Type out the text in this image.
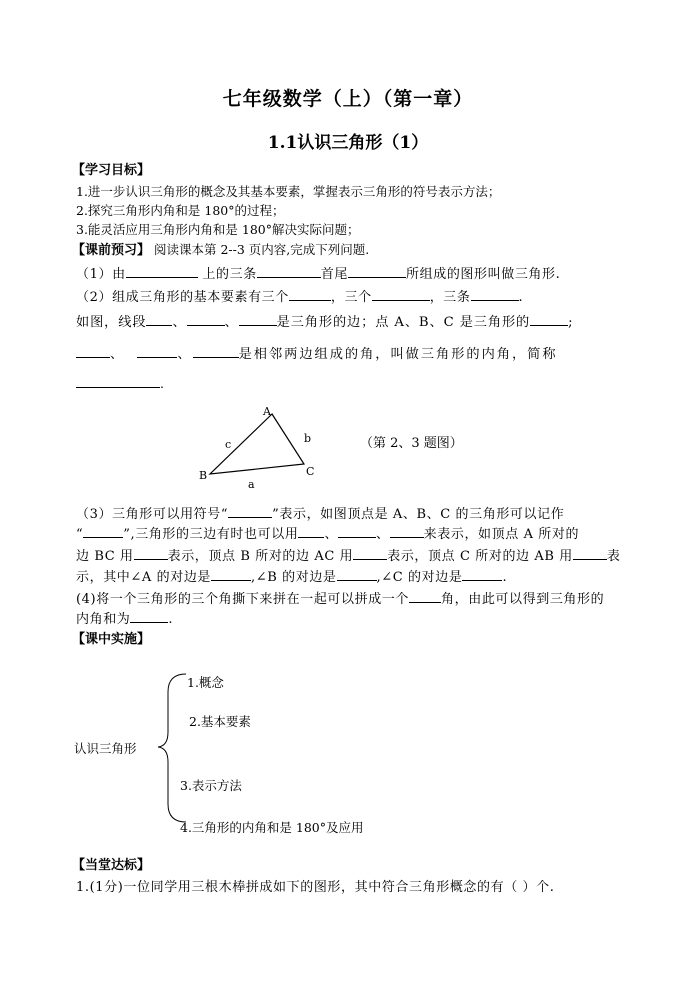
七年级数学（上）（第一章）
1.1认识三角形（1）
【学习目标】
1.进一步认识三角形的概念及其基本要素，掌握表示三角形的符号表示方法；
2.探究三角形内角和是 180°的过程；
3.能灵活应用三角形内角和是 180°解决实际问题；
【课前预习】 阅读课本第 2--3 页内容,完成下列问题.
（1）由	上的三条	首尾	所组成的图形叫做三角形.
（2）组成三角形的基本要素有三个	，三个	，三条	.
如图，线段 、	、	是三角形的边；点 A、B、C 是三角形的	;
、	、	是相邻两边组成的角，叫做三角形的内角，简称
.
A
B	C
c	b
a
（第 2、3 题图）
（3）三角形可以用符号“	”表示，如图顶点是 A、B、C 的三角形可以记作
“	”,三角形的三边有时也可以用 、	、	来表示，如顶点 A 所对的
边 BC 用	表示，顶点 B 所对的边 AC 用	表示，顶点 C 所对的边 AB 用	表
示，其中∠A 的对边是	,∠B 的对边是	,∠C 的对边是	.
(4)将一个三角形的三个角撕下来拼在一起可以拼成一个 角，由此可以得到三角形的
内角和为	.
【课中实施】
认识三角形
1.概念
2.基本要素
3.表示方法
4.三角形的内角和是 180°及应用
【当堂达标】
1.(1分)一位同学用三根木棒拼成如下的图形，其中符合三角形概念的有（ ）个.
